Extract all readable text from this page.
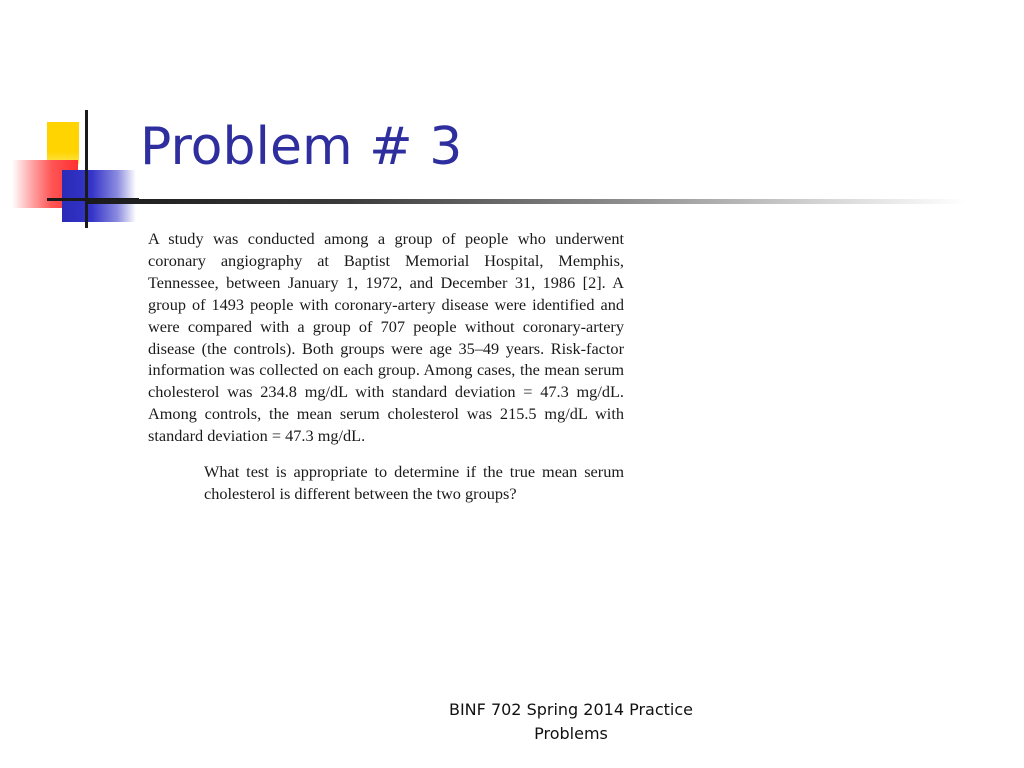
Problem # 3

A study was conducted among a group of people who underwent coronary angiography at Baptist Memorial Hospital, Memphis, Tennessee, between January 1, 1972, and December 31, 1986 [2]. A group of 1493 people with coronary-artery disease were identified and were compared with a group of 707 people without coronary-artery disease (the controls). Both groups were age 35–49 years. Risk-factor information was collected on each group. Among cases, the mean serum cholesterol was 234.8 mg/dL with standard deviation = 47.3 mg/dL. Among controls, the mean serum cholesterol was 215.5 mg/dL with standard deviation = 47.3 mg/dL.

What test is appropriate to determine if the true mean serum cholesterol is different between the two groups?

BINF 702 Spring 2014 Practice Problems
